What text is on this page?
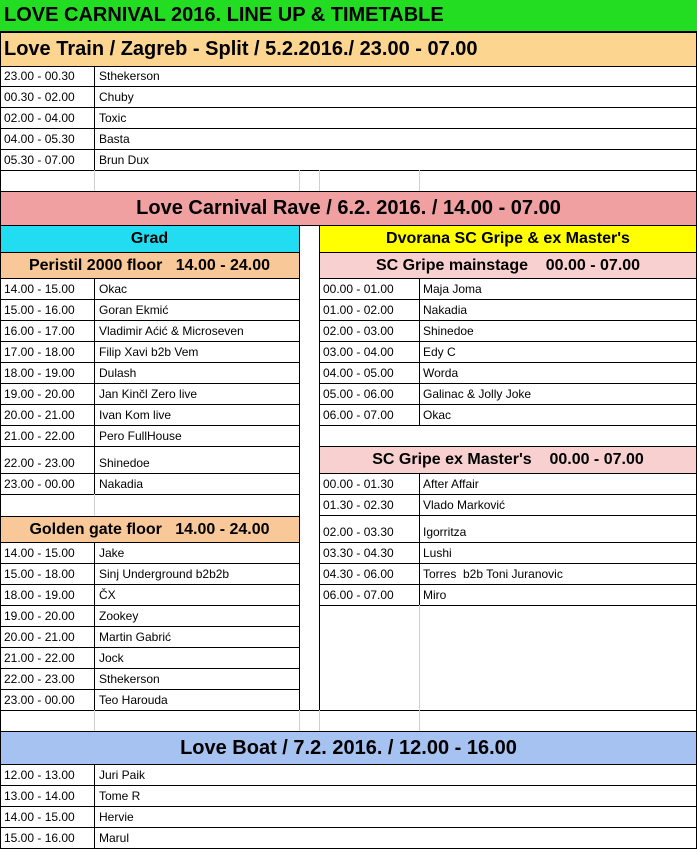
LOVE CARNIVAL 2016. LINE UP & TIMETABLE
Love Train / Zagreb - Split / 5.2.2016./ 23.00 - 07.00
Love Carnival Rave / 6.2. 2016. / 14.00 - 07.00
Grad	Dvorana SC Gripe & ex Master's
Peristil 2000 floor   14.00 - 24.00	SC Gripe mainstage    00.00 - 07.00
SC Gripe ex Master's    00.00 - 07.00
Golden gate floor   14.00 - 24.00
Love Boat / 7.2. 2016. / 12.00 - 16.00
23.00 - 00.30 Sthekerson
00.30 - 02.00 Chuby
02.00 - 04.00 Toxic
04.00 - 05.30 Basta
05.30 - 07.00 Brun Dux
14.00 - 15.00 Okac
15.00 - 16.00 Goran Ekmić
16.00 - 17.00 Vladimir Aćić & Microseven
17.00 - 18.00 Filip Xavi b2b Vem
18.00 - 19.00 Dulash
19.00 - 20.00 Jan Kinčl Zero live
20.00 - 21.00 Ivan Kom live
21.00 - 22.00 Pero FullHouse
22.00 - 23.00 Shinedoe
23.00 - 00.00 Nakadia
14.00 - 15.00 Jake
15.00 - 18.00 Sinj Underground b2b2b
18.00 - 19.00 ČX
19.00 - 20.00 Zookey
20.00 - 21.00 Martin Gabrić
21.00 - 22.00 Jock
22.00 - 23.00 Sthekerson
23.00 - 00.00 Teo Harouda
00.00 - 01.00 Maja Joma
01.00 - 02.00 Nakadia
02.00 - 03.00 Shinedoe
03.00 - 04.00 Edy C
04.00 - 05.00 Worda
05.00 - 06.00 Galinac & Jolly Joke
06.00 - 07.00 Okac
00.00 - 01.30 After Affair
01.30 - 02.30 Vlado Marković
02.00 - 03.30 Igorritza
03.30 - 04.30 Lushi
04.30 - 06.00 Torres  b2b Toni Juranovic
06.00 - 07.00 Miro
12.00 - 13.00 Juri Paik
13.00 - 14.00 Tome R
14.00 - 15.00 Hervie
15.00 - 16.00 Marul
